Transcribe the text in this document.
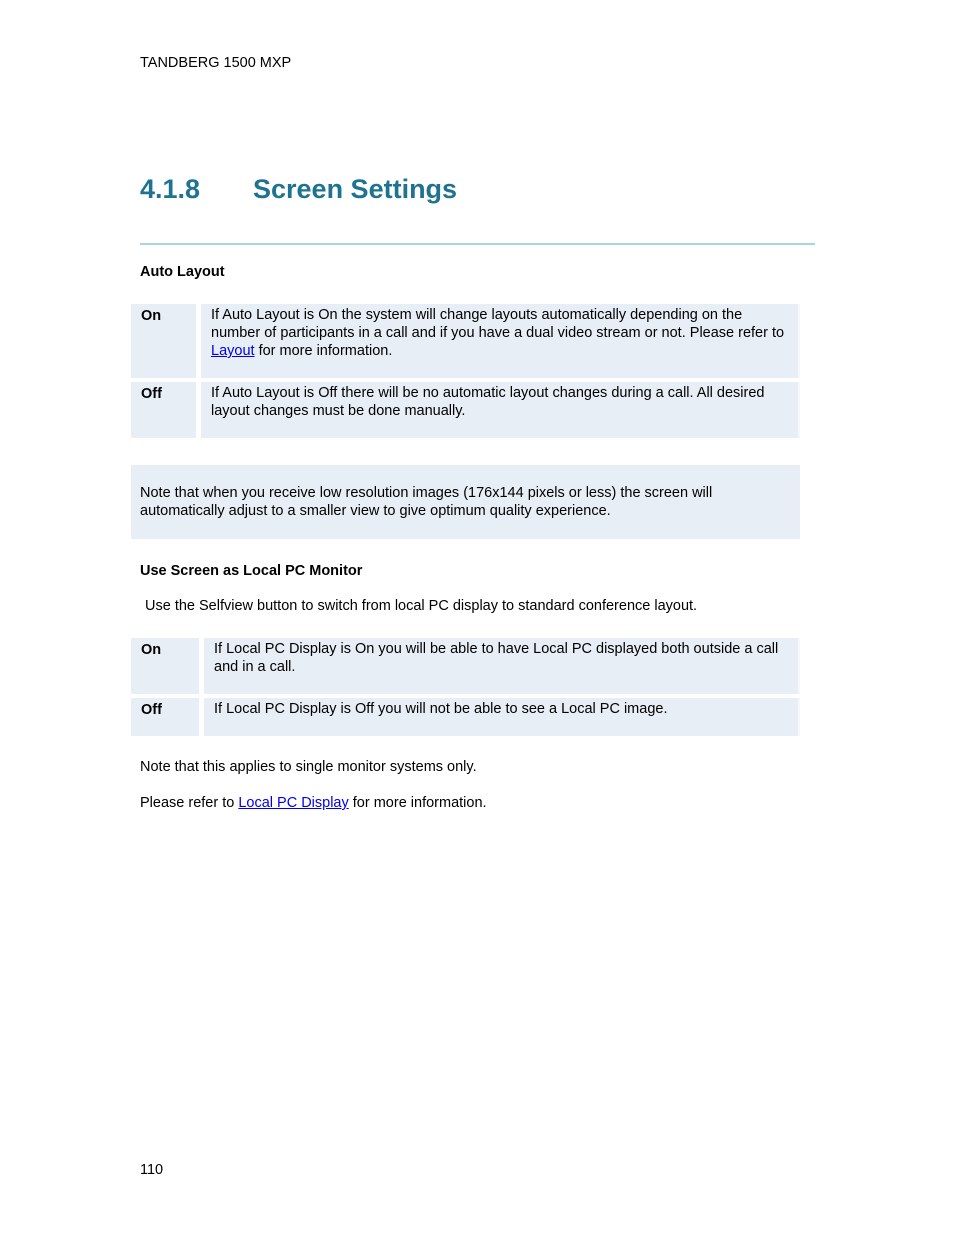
TANDBERG 1500 MXP
4.1.8 Screen Settings
Auto Layout
On	If Auto Layout is On the system will change layouts automatically depending on the number of participants in a call and if you have a dual video stream or not. Please refer to Layout for more information.
Off	If Auto Layout is Off there will be no automatic layout changes during a call. All desired layout changes must be done manually.
Note that when you receive low resolution images (176x144 pixels or less) the screen will automatically adjust to a smaller view to give optimum quality experience.
Use Screen as Local PC Monitor
Use the Selfview button to switch from local PC display to standard conference layout.
On	If Local PC Display is On you will be able to have Local PC displayed both outside a call and in a call.
Off	If Local PC Display is Off you will not be able to see a Local PC image.
Note that this applies to single monitor systems only.
Please refer to Local PC Display for more information.
110
